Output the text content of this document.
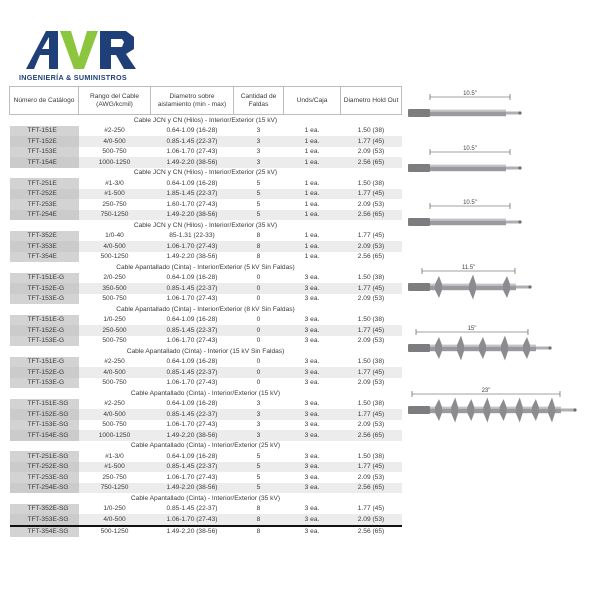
INGENIERÍA & SUMINISTROS
Número de Catálogo	Rango del Cable (AWG/kcmil)	Diametro sobre aislamiento (min - max)	Cantidad de Faldas	Unds/Caja	Diametro Hold Out
Cable JCN y CN (Hilos) - Interior/Exterior (15 kV)					
TFT-151E	#2-250	0.64-1.09 (16-28)	3	1 ea.	1.50 (38)
TFT-152E	4/0-500	0.85-1.45 (22-37)	3	1 ea.	1.77 (45)
TFT-153E	500-750	1.06-1.70 (27-43)	3	1 ea.	2.09 (53)
TFT-154E	1000-1250	1.49-2.20 (38-56)	3	1 ea.	2.56 (65)
Cable JCN y CN (Hilos) - Interior/Exterior (25 kV)					
TFT-251E	#1-3/0	0.64-1.09 (16-28)	5	1 ea.	1.50 (38)
TFT-252E	#1-500	1.85-1.45 (22-37)	5	1 ea.	1.77 (45)
TFT-253E	250-750	1.60-1.70 (27-43)	5	1 ea.	2.09 (53)
TFT-254E	750-1250	1.49-2.20 (38-56)	5	1 ea.	2.56 (65)
Cable JCN y CN (Hilos) - Interior/Exterior (35 kV)					
TFT-352E	1/0-40	85-1.31 (22-33)	8	1 ea.	1.77 (45)
TFT-353E	4/0-500	1.06-1.70 (27-43)	8	1 ea.	2.09 (53)
TFT-354E	500-1250	1.49-2.20 (38-56)	8	1 ea.	2.56 (65)
Cable Apantallado (Cinta) - Interior/Exterior (5 kV Sin Faldas)					
TFT-151E-G	2/0-250	0.64-1.09 (16-28)	0	3 ea.	1.50 (38)
TFT-152E-G	350-500	0.85-1.45 (22-37)	0	3 ea.	1.77 (45)
TFT-153E-G	500-750	1.06-1.70 (27-43)	0	3 ea.	2.09 (53)
Cable Apantallado (Cinta) - Interior/Exterior (8 kV Sin Faldas)					
TFT-151E-G	1/0-250	0.64-1.09 (16-28)	0	3 ea.	1.50 (38)
TFT-152E-G	250-500	0.85-1.45 (22-37)	0	3 ea.	1.77 (45)
TFT-153E-G	500-750	1.06-1.70 (27-43)	0	3 ea.	2.09 (53)
Cable Apantallado (Cinta) - Interior (15 kV Sin Faldas)					
TFT-151E-G	#2-250	0.64-1.09 (16-28)	0	3 ea.	1.50 (38)
TFT-152E-G	4/0-500	0.85-1.45 (22-37)	0	3 ea.	1.77 (45)
TFT-153E-G	500-750	1.06-1.70 (27-43)	0	3 ea.	2.09 (53)
Cable Apantallado (Cinta) - Interior/Exterior (15 kV)					
TFT-151E-SG	#2-250	0.64-1.09 (16-28)	3	3 ea.	1.50 (38)
TFT-152E-SG	4/0-500	0.85-1.45 (22-37)	3	3 ea.	1.77 (45)
TFT-153E-SG	500-750	1.06-1.70 (27-43)	3	3 ea.	2.09 (53)
TFT-154E-SG	1000-1250	1.49-2.20 (38-56)	3	3 ea.	2.56 (65)
Cable Apantallado (Cinta) - Interior/Exterior (25 kV)					
TFT-251E-SG	#1-3/0	0.64-1.09 (16-28)	5	3 ea.	1.50 (38)
TFT-252E-SG	#1-500	0.85-1.45 (22-37)	5	3 ea.	1.77 (45)
TFT-253E-SG	250-750	1.06-1.70 (27-43)	5	3 ea.	2.09 (53)
TFT-254E-SG	750-1250	1.49-2.20 (38-56)	5	3 ea.	2.56 (65)
Cable Apantallado (Cinta) - Interior/Exterior (35 kV)					
TFT-352E-SG	1/0-250	0.85-1.45 (22-37)	8	3 ea.	1.77 (45)
TFT-353E-SG	4/0-500	1.06-1.70 (27-43)	8	3 ea.	2.09 (53)
TFT-354E-SG	500-1250	1.49-2.20 (38-56)	8	3 ea.	2.56 (65)
10.5"
10.5"
10.5"
11.5"
15"
23"
